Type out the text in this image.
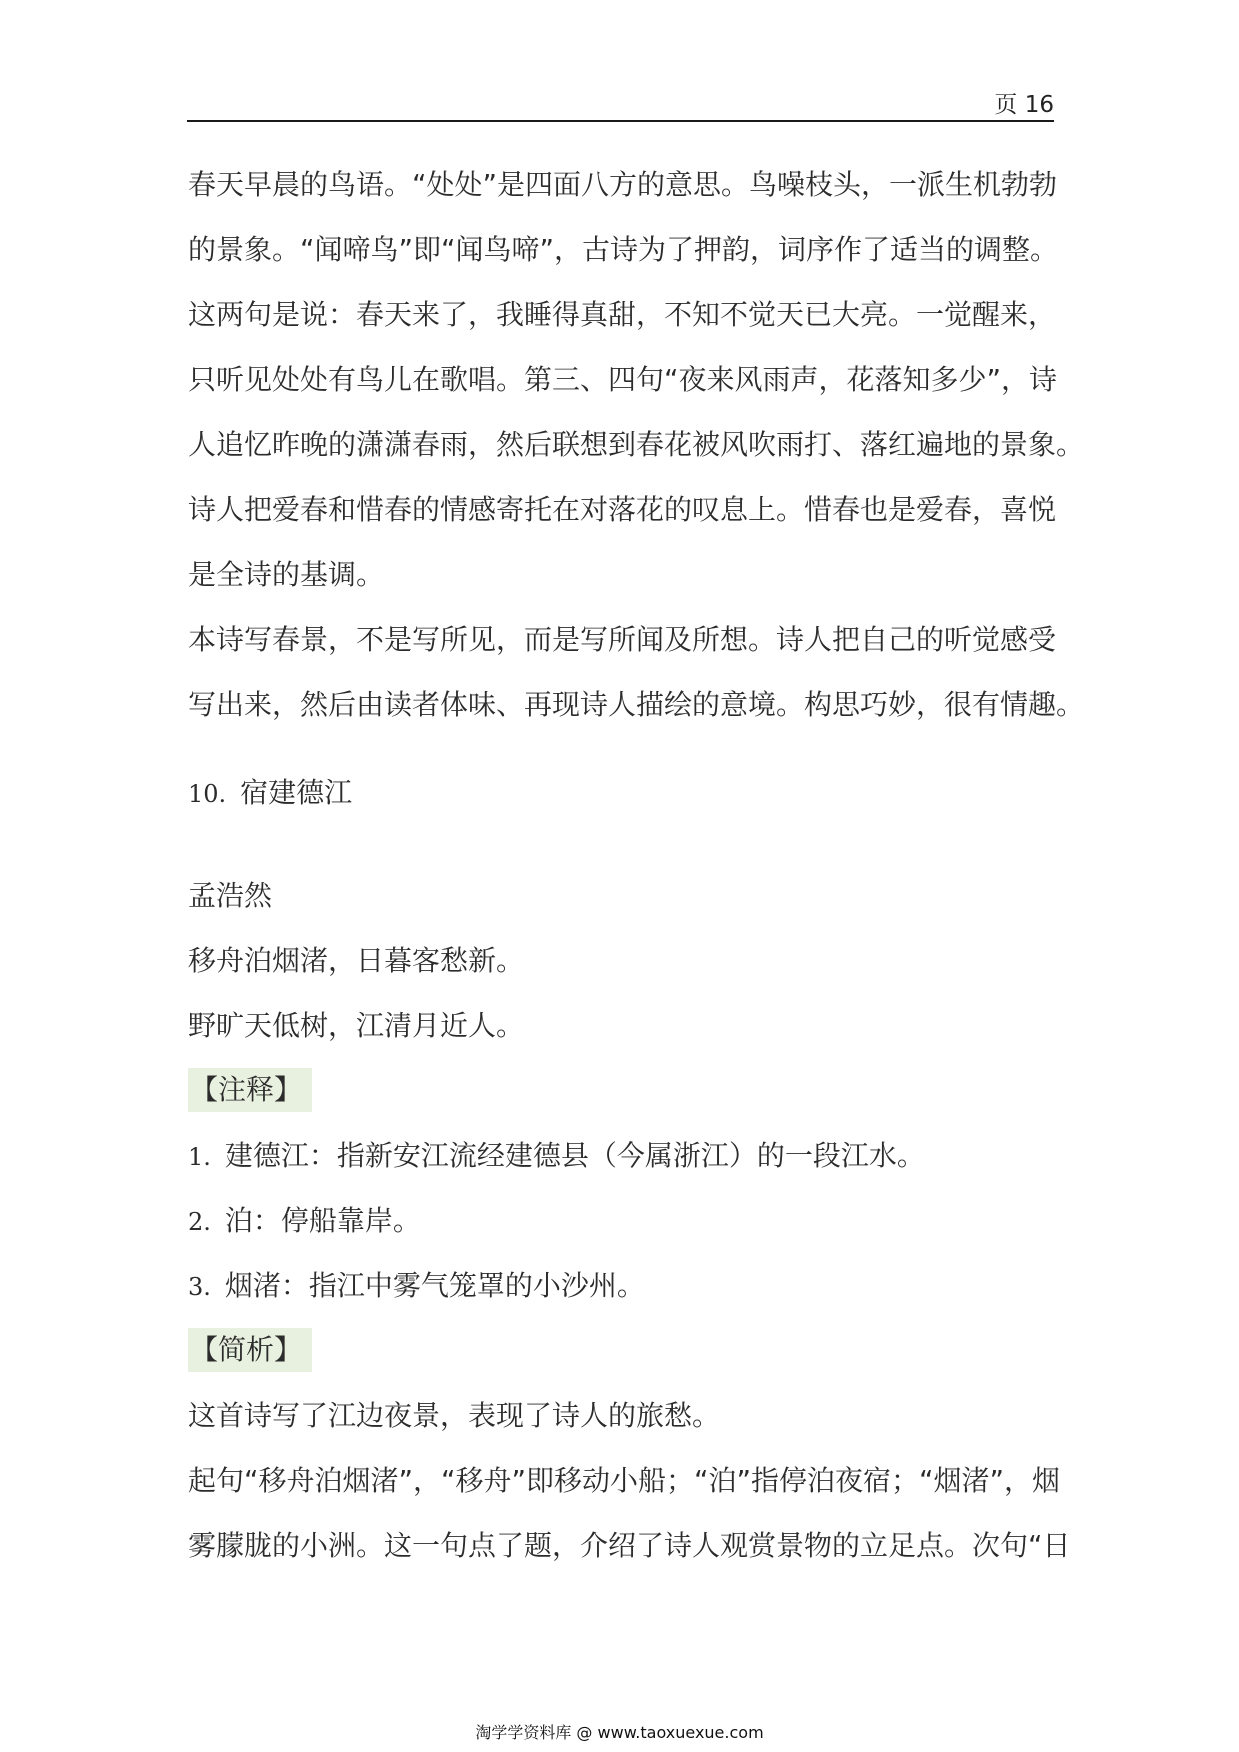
页 16
春天早晨的鸟语。“处处”是四面八方的意思。鸟噪枝头，一派生机勃勃
的景象。“闻啼鸟”即“闻鸟啼”，古诗为了押韵，词序作了适当的调整。
这两句是说：春天来了，我睡得真甜，不知不觉天已大亮。一觉醒来，
只听见处处有鸟儿在歌唱。第三、四句“夜来风雨声，花落知多少”，诗
人追忆昨晚的潇潇春雨，然后联想到春花被风吹雨打、落红遍地的景象。
诗人把爱春和惜春的情感寄托在对落花的叹息上。惜春也是爱春，喜悦
是全诗的基调。
本诗写春景，不是写所见，而是写所闻及所想。诗人把自己的听觉感受
写出来，然后由读者体味、再现诗人描绘的意境。构思巧妙，很有情趣。
10. 宿建德江
孟浩然
移舟泊烟渚，日暮客愁新。
野旷天低树，江清月近人。
【注释】
1. 建德江：指新安江流经建德县（今属浙江）的一段江水。
2. 泊：停船靠岸。
3. 烟渚：指江中雾气笼罩的小沙州。
【简析】
这首诗写了江边夜景，表现了诗人的旅愁。
起句“移舟泊烟渚”，“移舟”即移动小船；“泊”指停泊夜宿；“烟渚”，烟
雾朦胧的小洲。这一句点了题，介绍了诗人观赏景物的立足点。次句“日
淘学学资料库 @ www.taoxuexue.com
